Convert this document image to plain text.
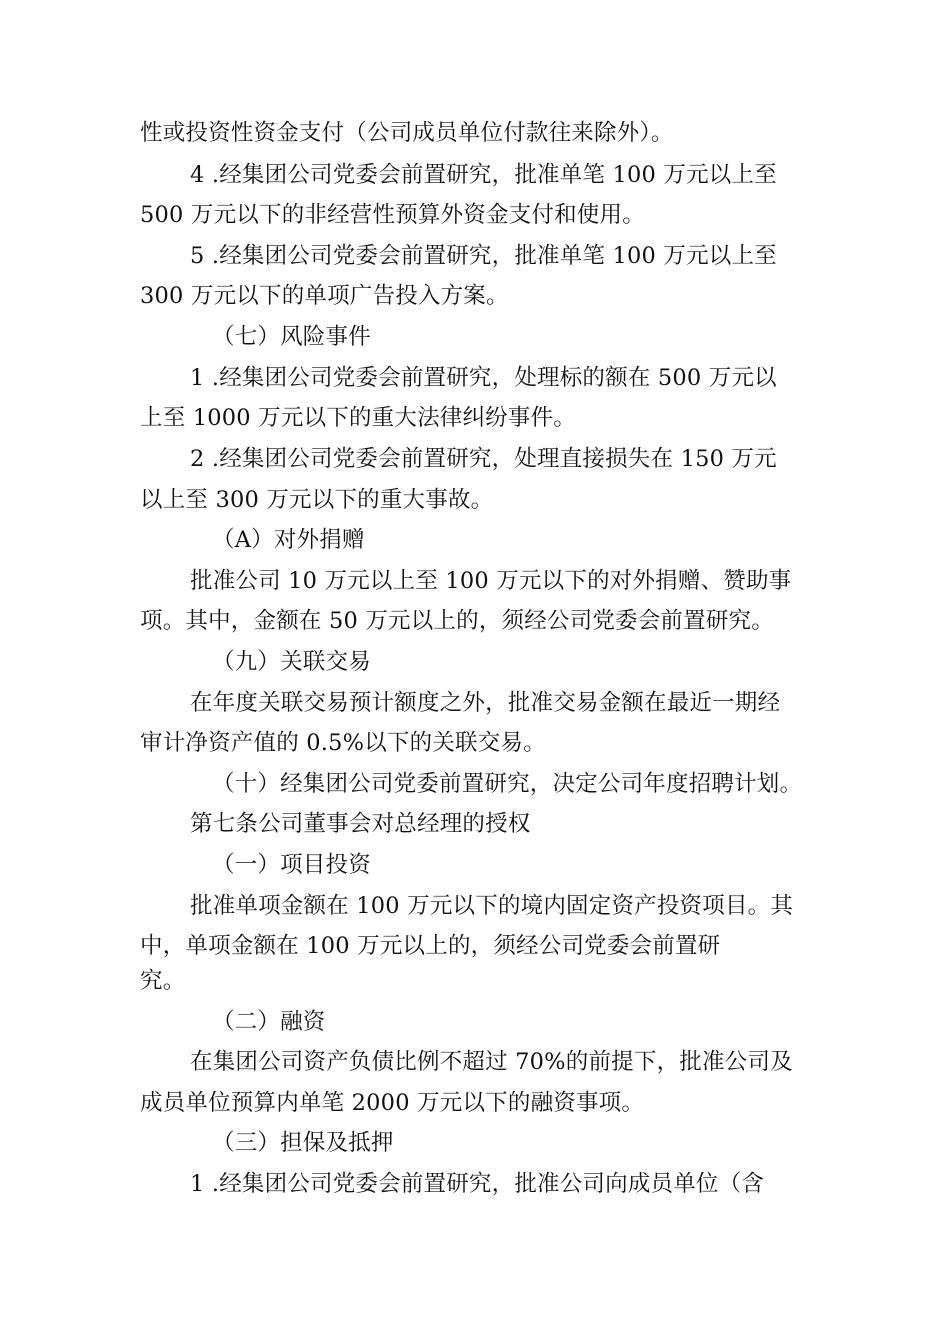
性或投资性资金支付（公司成员单位付款往来除外）。
4 .经集团公司党委会前置研究，批准单笔 100 万元以上至
500 万元以下的非经营性预算外资金支付和使用。
5 .经集团公司党委会前置研究，批准单笔 100 万元以上至
300 万元以下的单项广告投入方案。
（七）风险事件
1 .经集团公司党委会前置研究，处理标的额在 500 万元以
上至 1000 万元以下的重大法律纠纷事件。
2 .经集团公司党委会前置研究，处理直接损失在 150 万元
以上至 300 万元以下的重大事故。
（A）对外捐赠
批准公司 10 万元以上至 100 万元以下的对外捐赠、赞助事
项。其中，金额在 50 万元以上的，须经公司党委会前置研究。
（九）关联交易
在年度关联交易预计额度之外，批准交易金额在最近一期经
审计净资产值的 0.5%以下的关联交易。
（十）经集团公司党委前置研究，决定公司年度招聘计划。
第七条公司董事会对总经理的授权
（一）项目投资
批准单项金额在 100 万元以下的境内固定资产投资项目。其
中，单项金额在 100 万元以上的，须经公司党委会前置研
究。
（二）融资
在集团公司资产负债比例不超过 70%的前提下，批准公司及
成员单位预算内单笔 2000 万元以下的融资事项。
（三）担保及抵押
1 .经集团公司党委会前置研究，批准公司向成员单位（含
